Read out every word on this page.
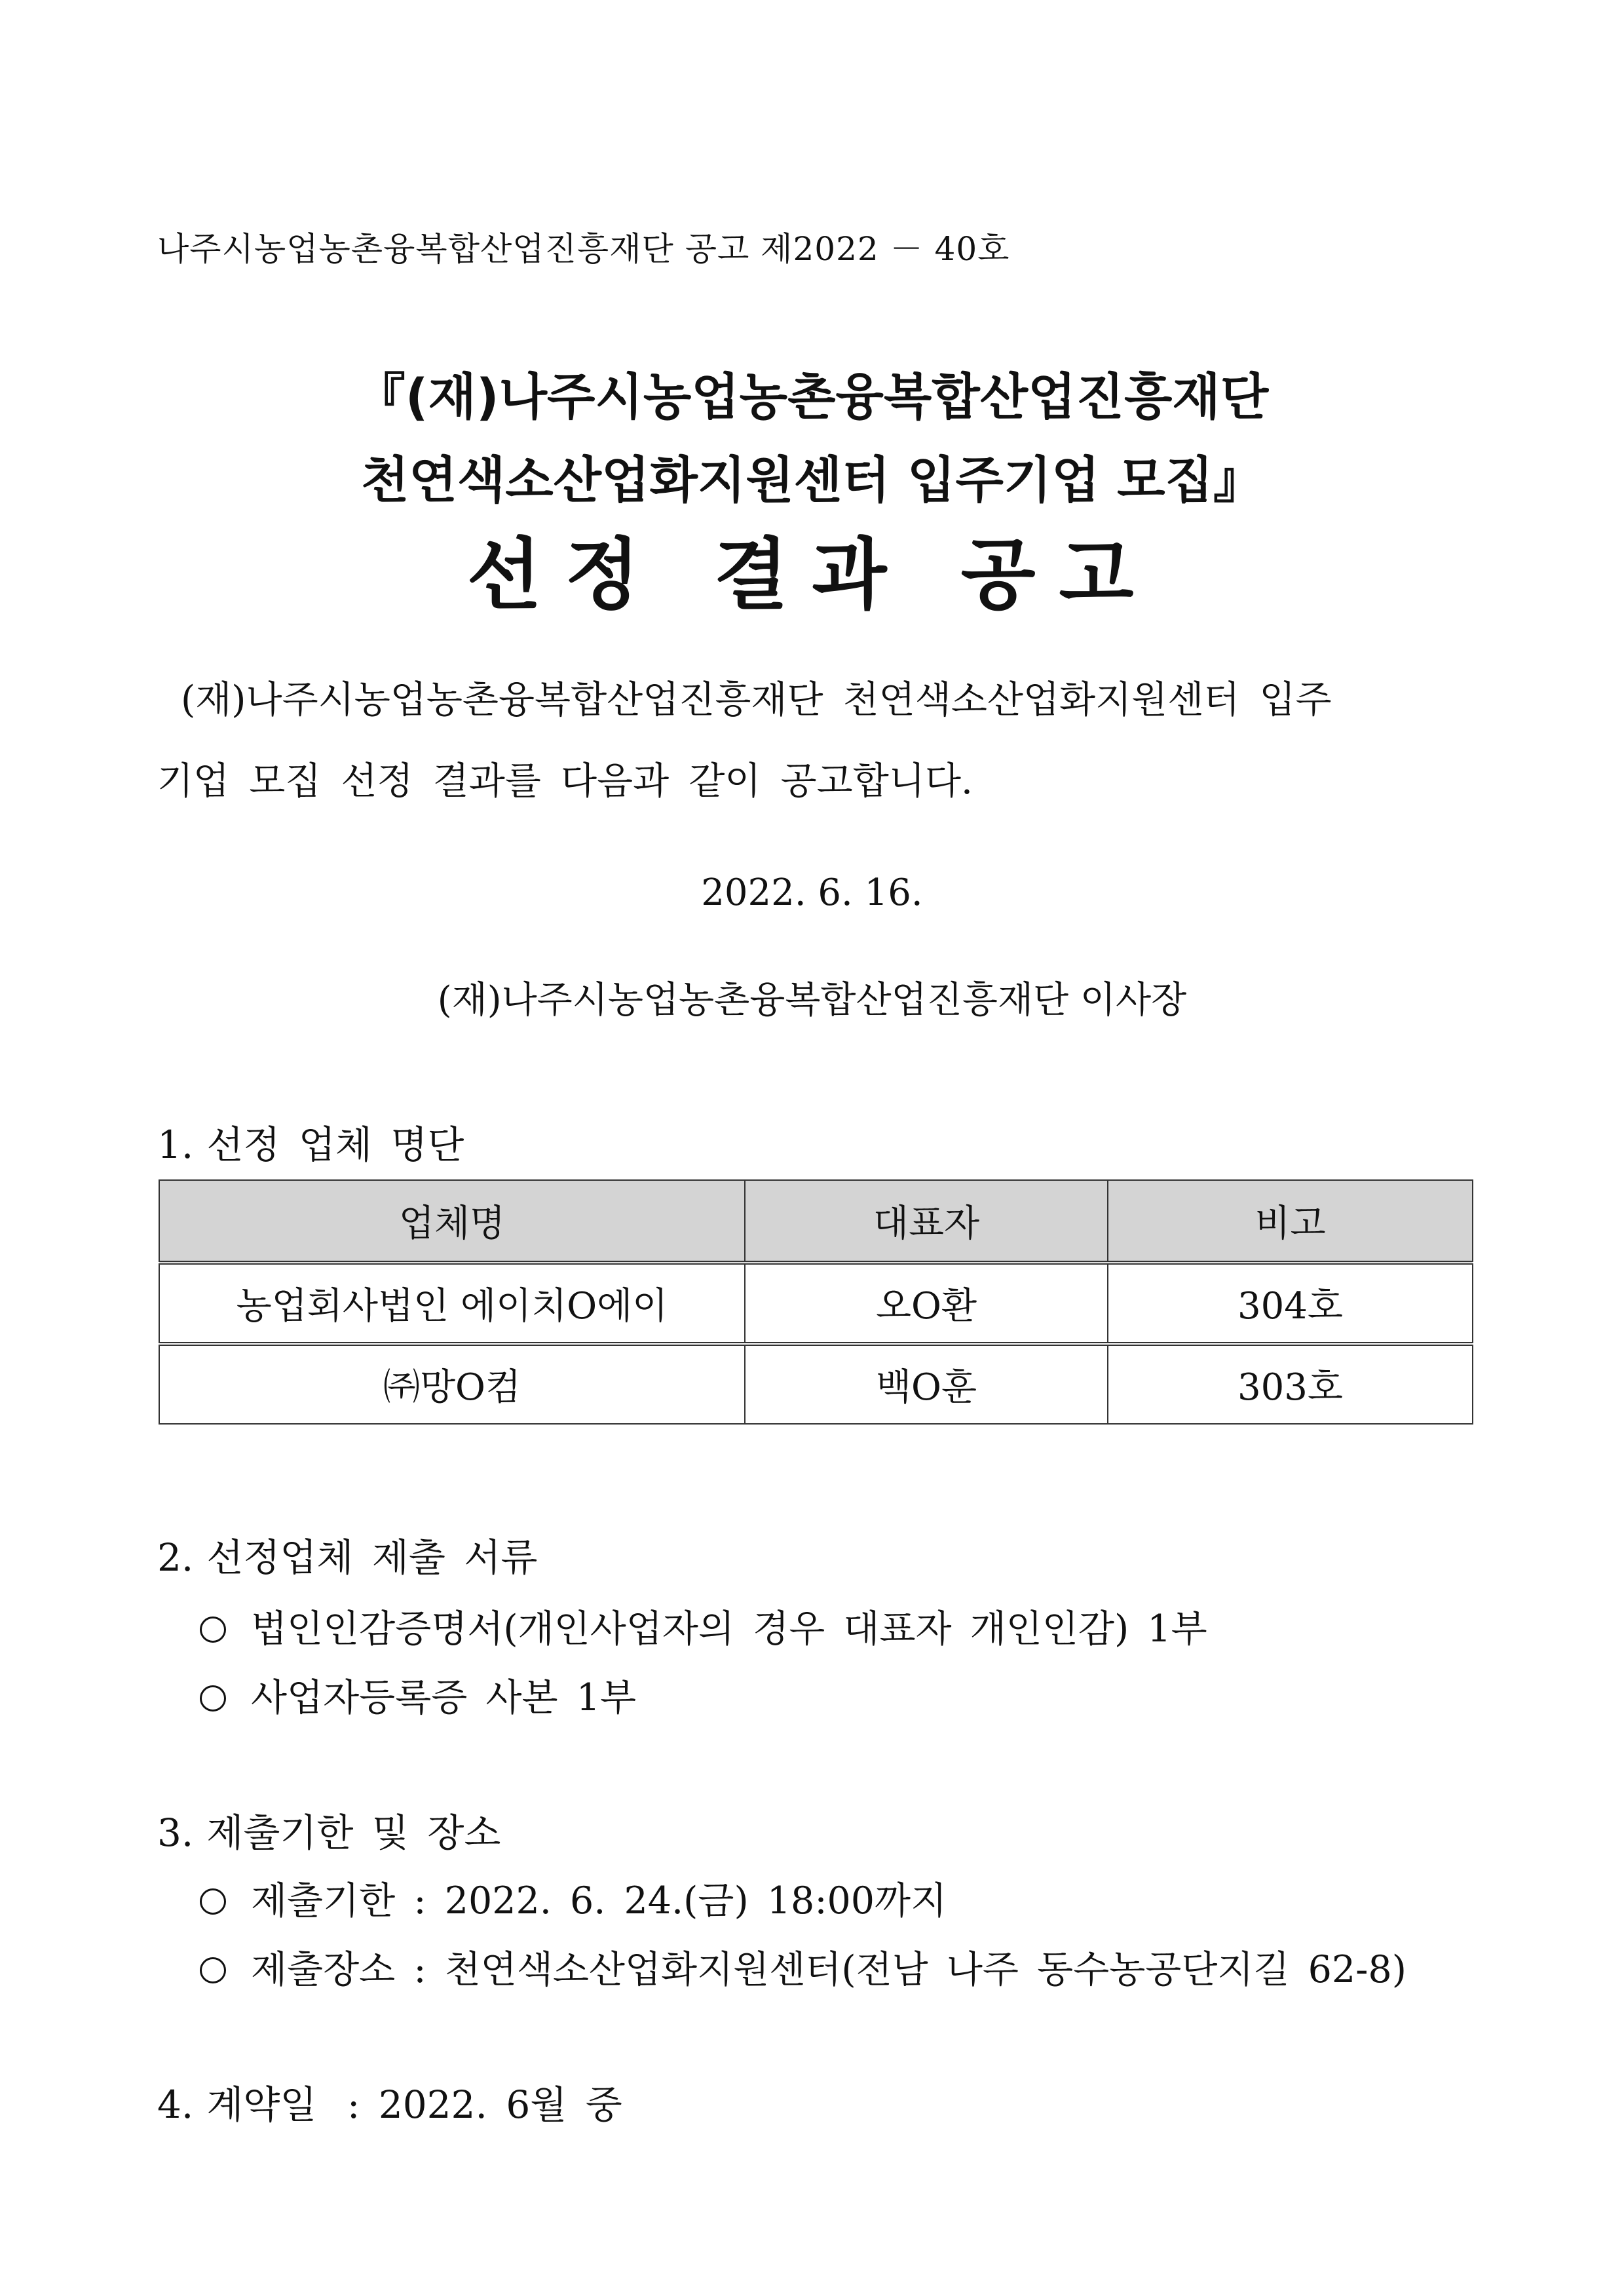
나주시농업농촌융복합산업진흥재단 공고 제2022 － 40호
『(재)나주시농업농촌융복합산업진흥재단
천연색소산업화지원센터 입주기업 모집』
선정 결과 공고
(재)나주시농업농촌융복합산업진흥재단 천연색소산업화지원센터 입주
기업 모집 선정 결과를 다음과 같이 공고합니다.
2022. 6. 16.
(재)나주시농업농촌융복합산업진흥재단 이사장
1. 선정 업체 명단
업체명	대표자	비고
농업회사법인 에이치O에이	오O환	304호
㈜망O컴	백O훈	303호
2. 선정업체 제출 서류
법인인감증명서(개인사업자의 경우 대표자 개인인감) 1부
사업자등록증 사본 1부
3. 제출기한 및 장소
제출기한 : 2022. 6. 24.(금) 18:00까지
제출장소 : 천연색소산업화지원센터(전남 나주 동수농공단지길 62-8)
4. 계약일 : 2022. 6월 중
